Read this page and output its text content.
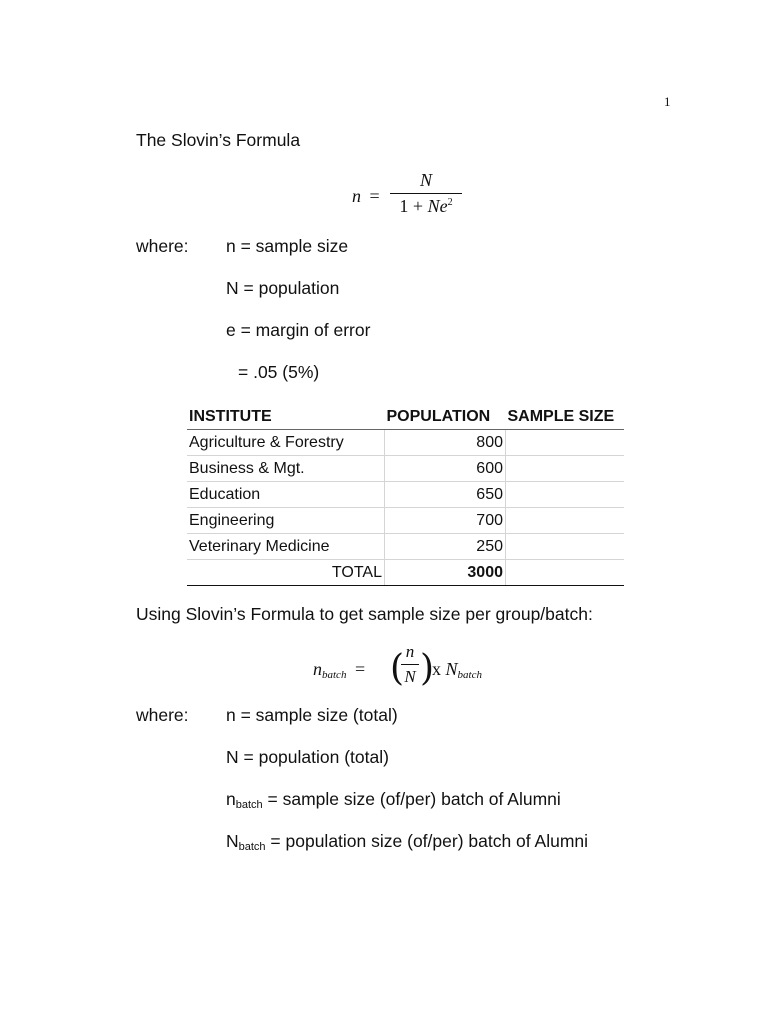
1
The Slovin’s Formula
n =
N
$1 + Ne^2$
where: n = sample size
N = population
e = margin of error
= .05 (5%)
INSTITUTE	POPULATION	SAMPLE SIZE
Agriculture & Forestry	800	
Business & Mgt.	600	
Education	650	
Engineering	700	
Veterinary Medicine	250	
TOTAL	3000	
Using Slovin’s Formula to get sample size per group/batch:
nbatch = ( n
N )
x Nbatch
where: n = sample size (total)
N = population (total)
nbatch = sample size (of/per) batch of Alumni
Nbatch = population size (of/per) batch of Alumni
